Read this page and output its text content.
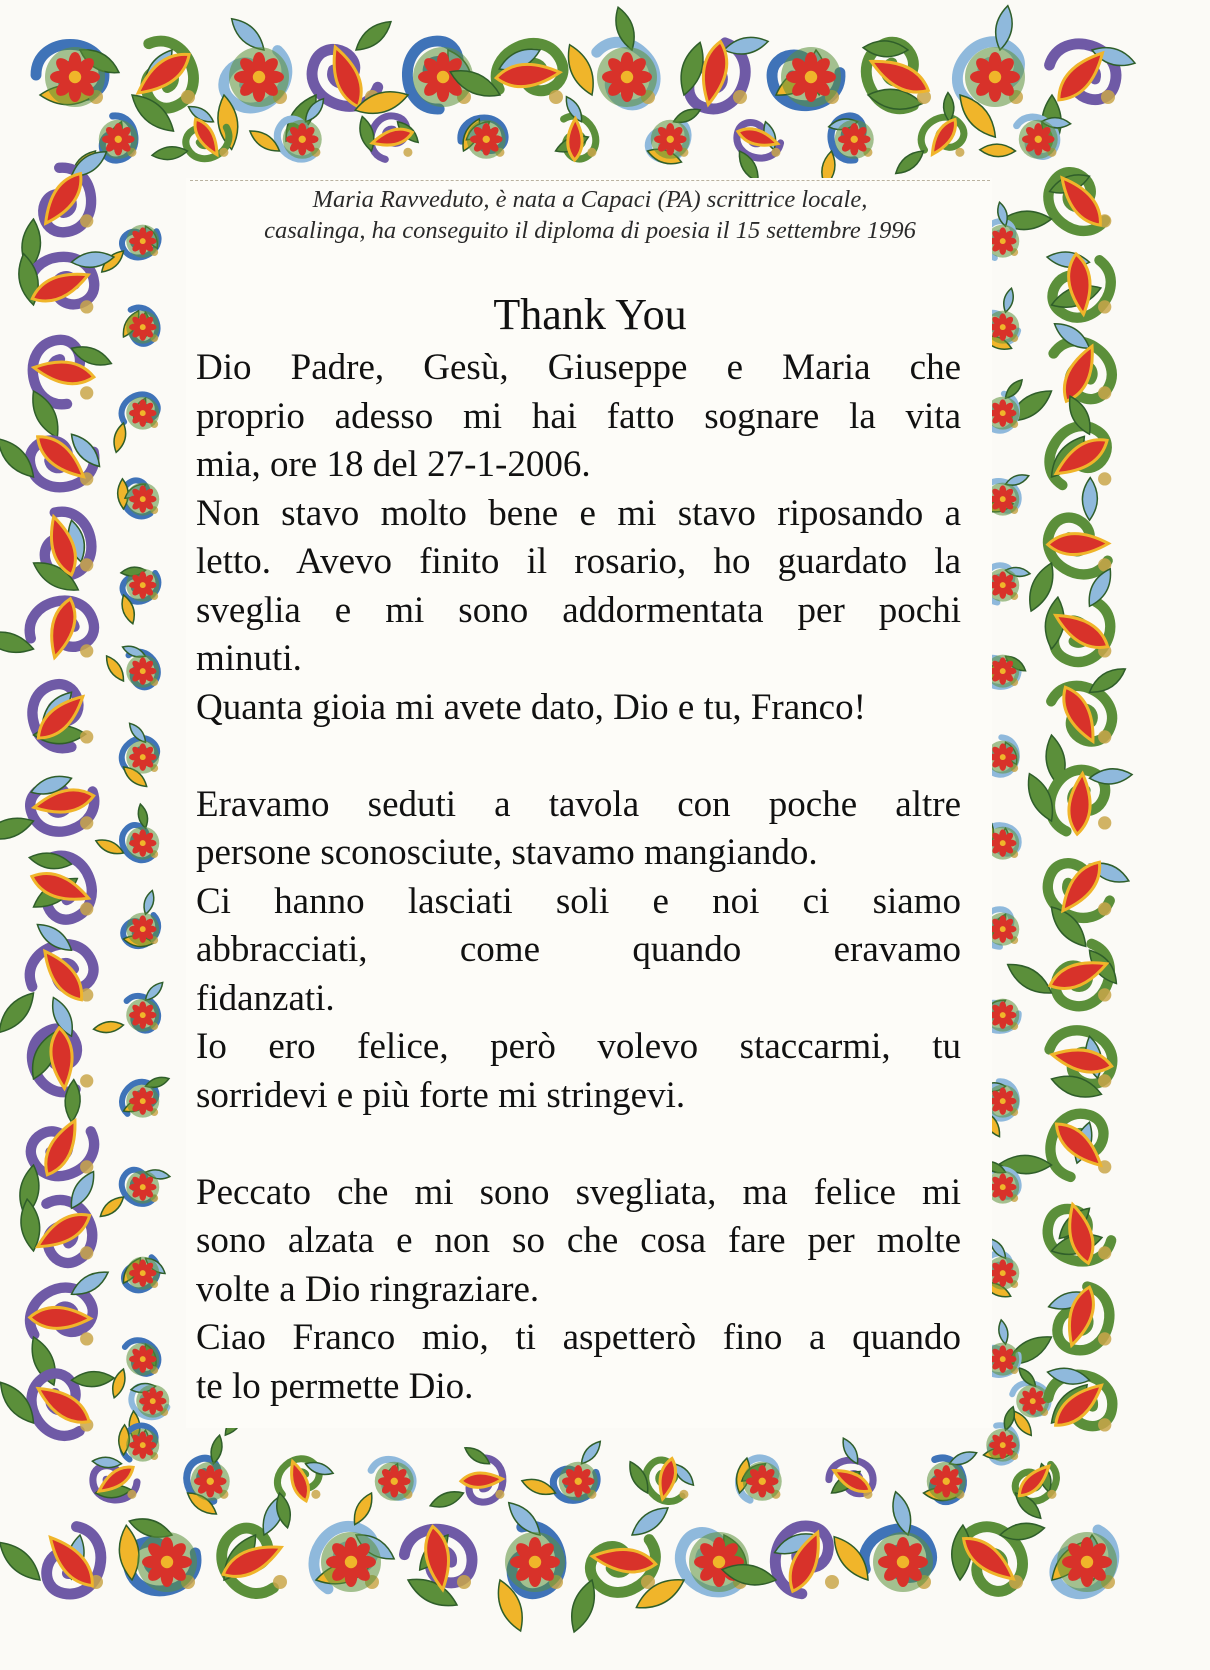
Maria Ravveduto, è nata a Capaci (PA) scrittrice locale,
casalinga, ha conseguito il diploma di poesia il 15 settembre 1996
Thank You
Dio Padre, Gesù, Giuseppe e Maria che
proprio adesso mi hai fatto sognare la vita
mia, ore 18 del 27-1-2006.
Non stavo molto bene e mi stavo riposando a
letto. Avevo finito il rosario, ho guardato la
sveglia e mi sono addormentata per pochi
minuti.
Quanta gioia mi avete dato, Dio e tu, Franco!
Eravamo seduti a tavola con poche altre
persone sconosciute, stavamo mangiando.
Ci hanno lasciati soli e noi ci siamo
abbracciati, come quando eravamo
fidanzati.
Io ero felice, però volevo staccarmi, tu
sorridevi e più forte mi stringevi.
Peccato che mi sono svegliata, ma felice mi
sono alzata e non so che cosa fare per molte
volte a Dio ringraziare.
Ciao Franco mio, ti aspetterò fino a quando
te lo permette Dio.
